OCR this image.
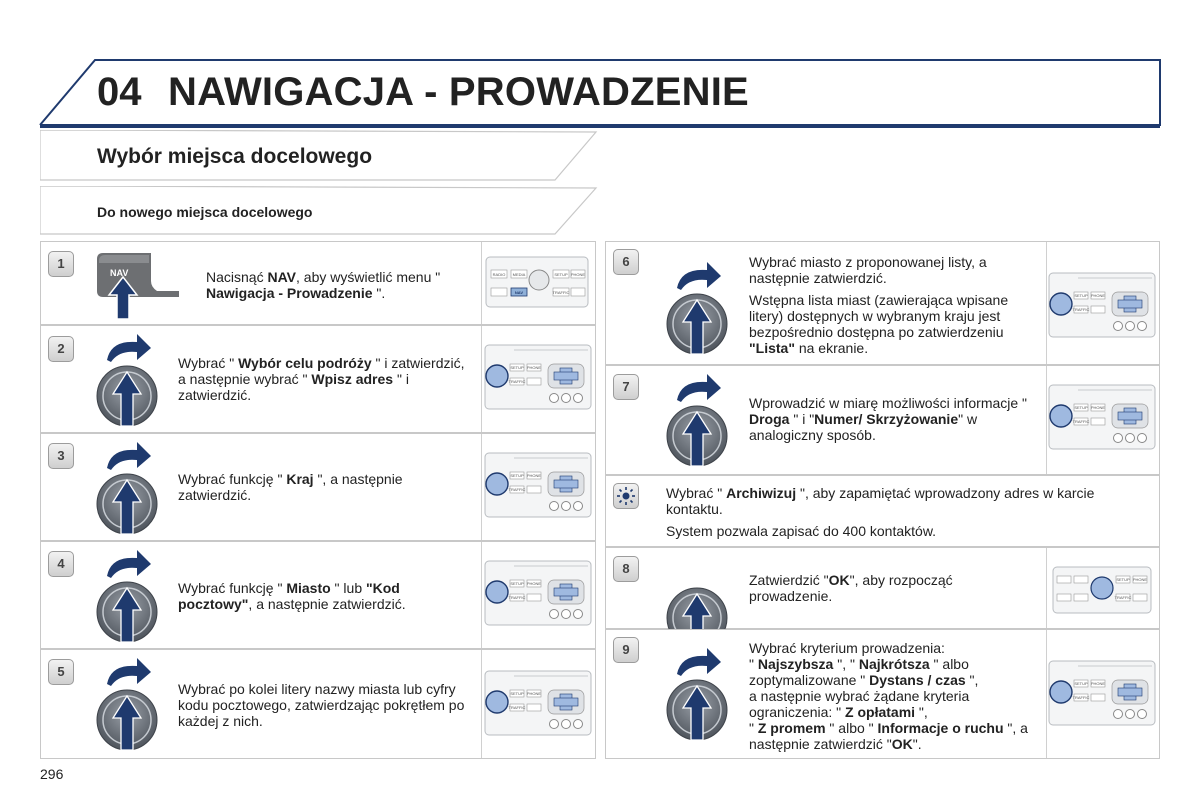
04 NAWIGACJA - PROWADZENIE
Wybór miejsca docelowego
Do nowego miejsca docelowego
1
NAV	Nacisnąć NAV, aby wyświetlić menu " Nawigacja - Prowadzenie ".
2
Wybrać " Wybór celu podróży " i zatwierdzić, a następnie wybrać " Wpisz adres " i zatwierdzić.
3
Wybrać funkcję " Kraj ", a następnie zatwierdzić.
4
Wybrać funkcję " Miasto " lub "Kod pocztowy", a następnie zatwierdzić.
5
Wybrać po kolei litery nazwy miasta lub cyfry kodu pocztowego, zatwierdzając pokrętłem po każdej z nich.
6	Wybrać miasto z proponowanej listy, a następnie zatwierdzić.

Wstępna lista miast (zawierająca wpisane litery) dostępnych w wybranym kraju jest bezpośrednio dostępna po zatwierdzeniu "Lista" na ekranie.

7
Wprowadzić w miarę możliwości informacje " Droga " i "Numer/ Skrzyżowanie" w analogiczny sposób.

Wybrać " Archiwizuj ", aby zapamiętać wprowadzony adres w karcie kontaktu.

System pozwala zapisać do 400 kontaktów.

8
Zatwierdzić "OK", aby rozpocząć prowadzenie.
9	Wybrać kryterium prowadzenia:
" Najszybsza ", " Najkrótsza " albo zoptymalizowane " Dystans / czas ",
a następnie wybrać żądane kryteria ograniczenia: " Z opłatami ",
" Z promem " albo " Informacje o ruchu ", a następnie zatwierdzić "OK".
RADIO MEDIA	SETUP PHONE
NAV	TRAFFIC
SETUP PHONE
TRAFFIC
SETUP PHONE
TRAFFIC
SETUP PHONE
TRAFFIC
SETUP PHONE
TRAFFIC
SETUP PHONE
TRAFFIC
SETUP PHONE
TRAFFIC
SETUP PHONE
TRAFFIC
SETUP PHONE
TRAFFIC
296
